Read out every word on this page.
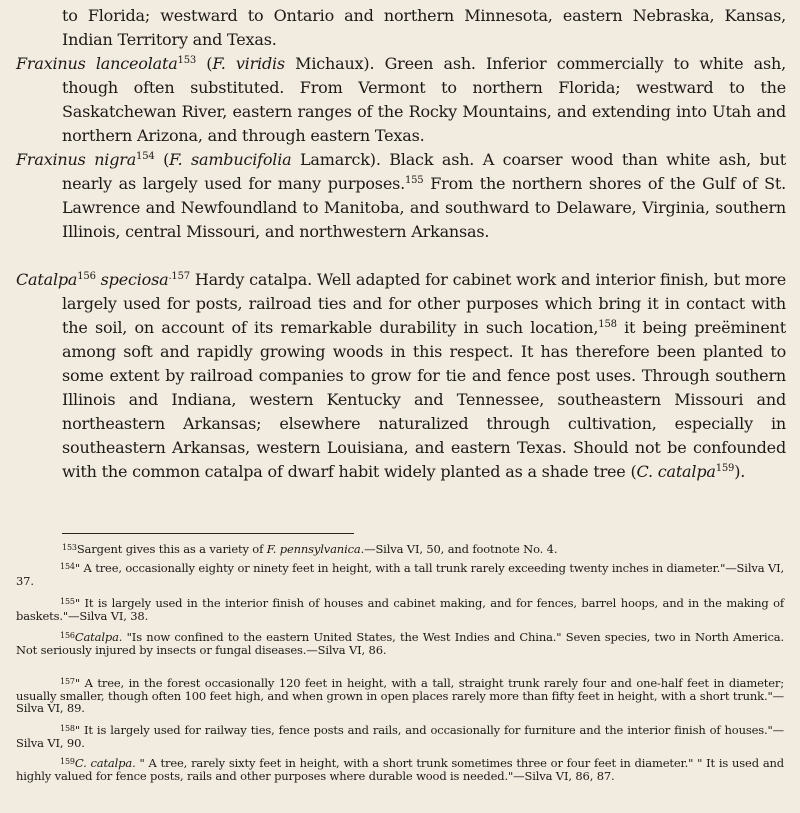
to Florida; westward to Ontario and northern Minnesota, eastern Nebraska, Kansas, Indian Territory and Texas.

Fraxinus lanceolata$^{153}$ (F. viridis Michaux). Green ash. Inferior commercially to white ash, though often substituted. From Vermont to northern Florida; westward to the Saskatchewan River, eastern ranges of the Rocky Mountains, and extending into Utah and northern Arizona, and through eastern Texas.

Fraxinus nigra$^{154}$ (F. sambucifolia Lamarck). Black ash. A coarser wood than white ash, but nearly as largely used for many purposes.$^{155}$ From the northern shores of the Gulf of St. Lawrence and Newfoundland to Manitoba, and southward to Delaware, Virginia, southern Illinois, central Missouri, and northwestern Arkansas.

Catalpa$^{156}$ speciosa$^{.157}$ Hardy catalpa. Well adapted for cabinet work and interior finish, but more largely used for posts, railroad ties and for other purposes which bring it in contact with the soil, on account of its remarkable durability in such location,$^{158}$ it being preëminent among soft and rapidly growing woods in this respect. It has therefore been planted to some extent by railroad companies to grow for tie and fence post uses. Through southern Illinois and Indiana, western Kentucky and Tennessee, southeastern Missouri and northeastern Arkansas; elsewhere naturalized through cultivation, especially in southeastern Arkansas, western Louisiana, and eastern Texas. Should not be confounded with the common catalpa of dwarf habit widely planted as a shade tree (C. catalpa$^{159}$).

$^{153}$Sargent gives this as a variety of F. pennsylvanica.—Silva VI, 50, and footnote No. 4.

$^{154}$" A tree, occasionally eighty or ninety feet in height, with a tall trunk rarely exceeding twenty inches in diameter."—Silva VI, 37.

$^{155}$" It is largely used in the interior finish of houses and cabinet making, and for fences, barrel hoops, and in the making of baskets."—Silva VI, 38.

$^{156}$Catalpa. "Is now confined to the eastern United States, the West Indies and China." Seven species, two in North America. Not seriously injured by insects or fungal diseases.—Silva VI, 86.

$^{157}$" A tree, in the forest occasionally 120 feet in height, with a tall, straight trunk rarely four and one-half feet in diameter; usually smaller, though often 100 feet high, and when grown in open places rarely more than fifty feet in height, with a short trunk."—Silva VI, 89.

$^{158}$" It is largely used for railway ties, fence posts and rails, and occasionally for furniture and the interior finish of houses."—Silva VI, 90.

$^{159}$C. catalpa. " A tree, rarely sixty feet in height, with a short trunk sometimes three or four feet in diameter." " It is used and highly valued for fence posts, rails and other purposes where durable wood is needed."—Silva VI, 86, 87.
